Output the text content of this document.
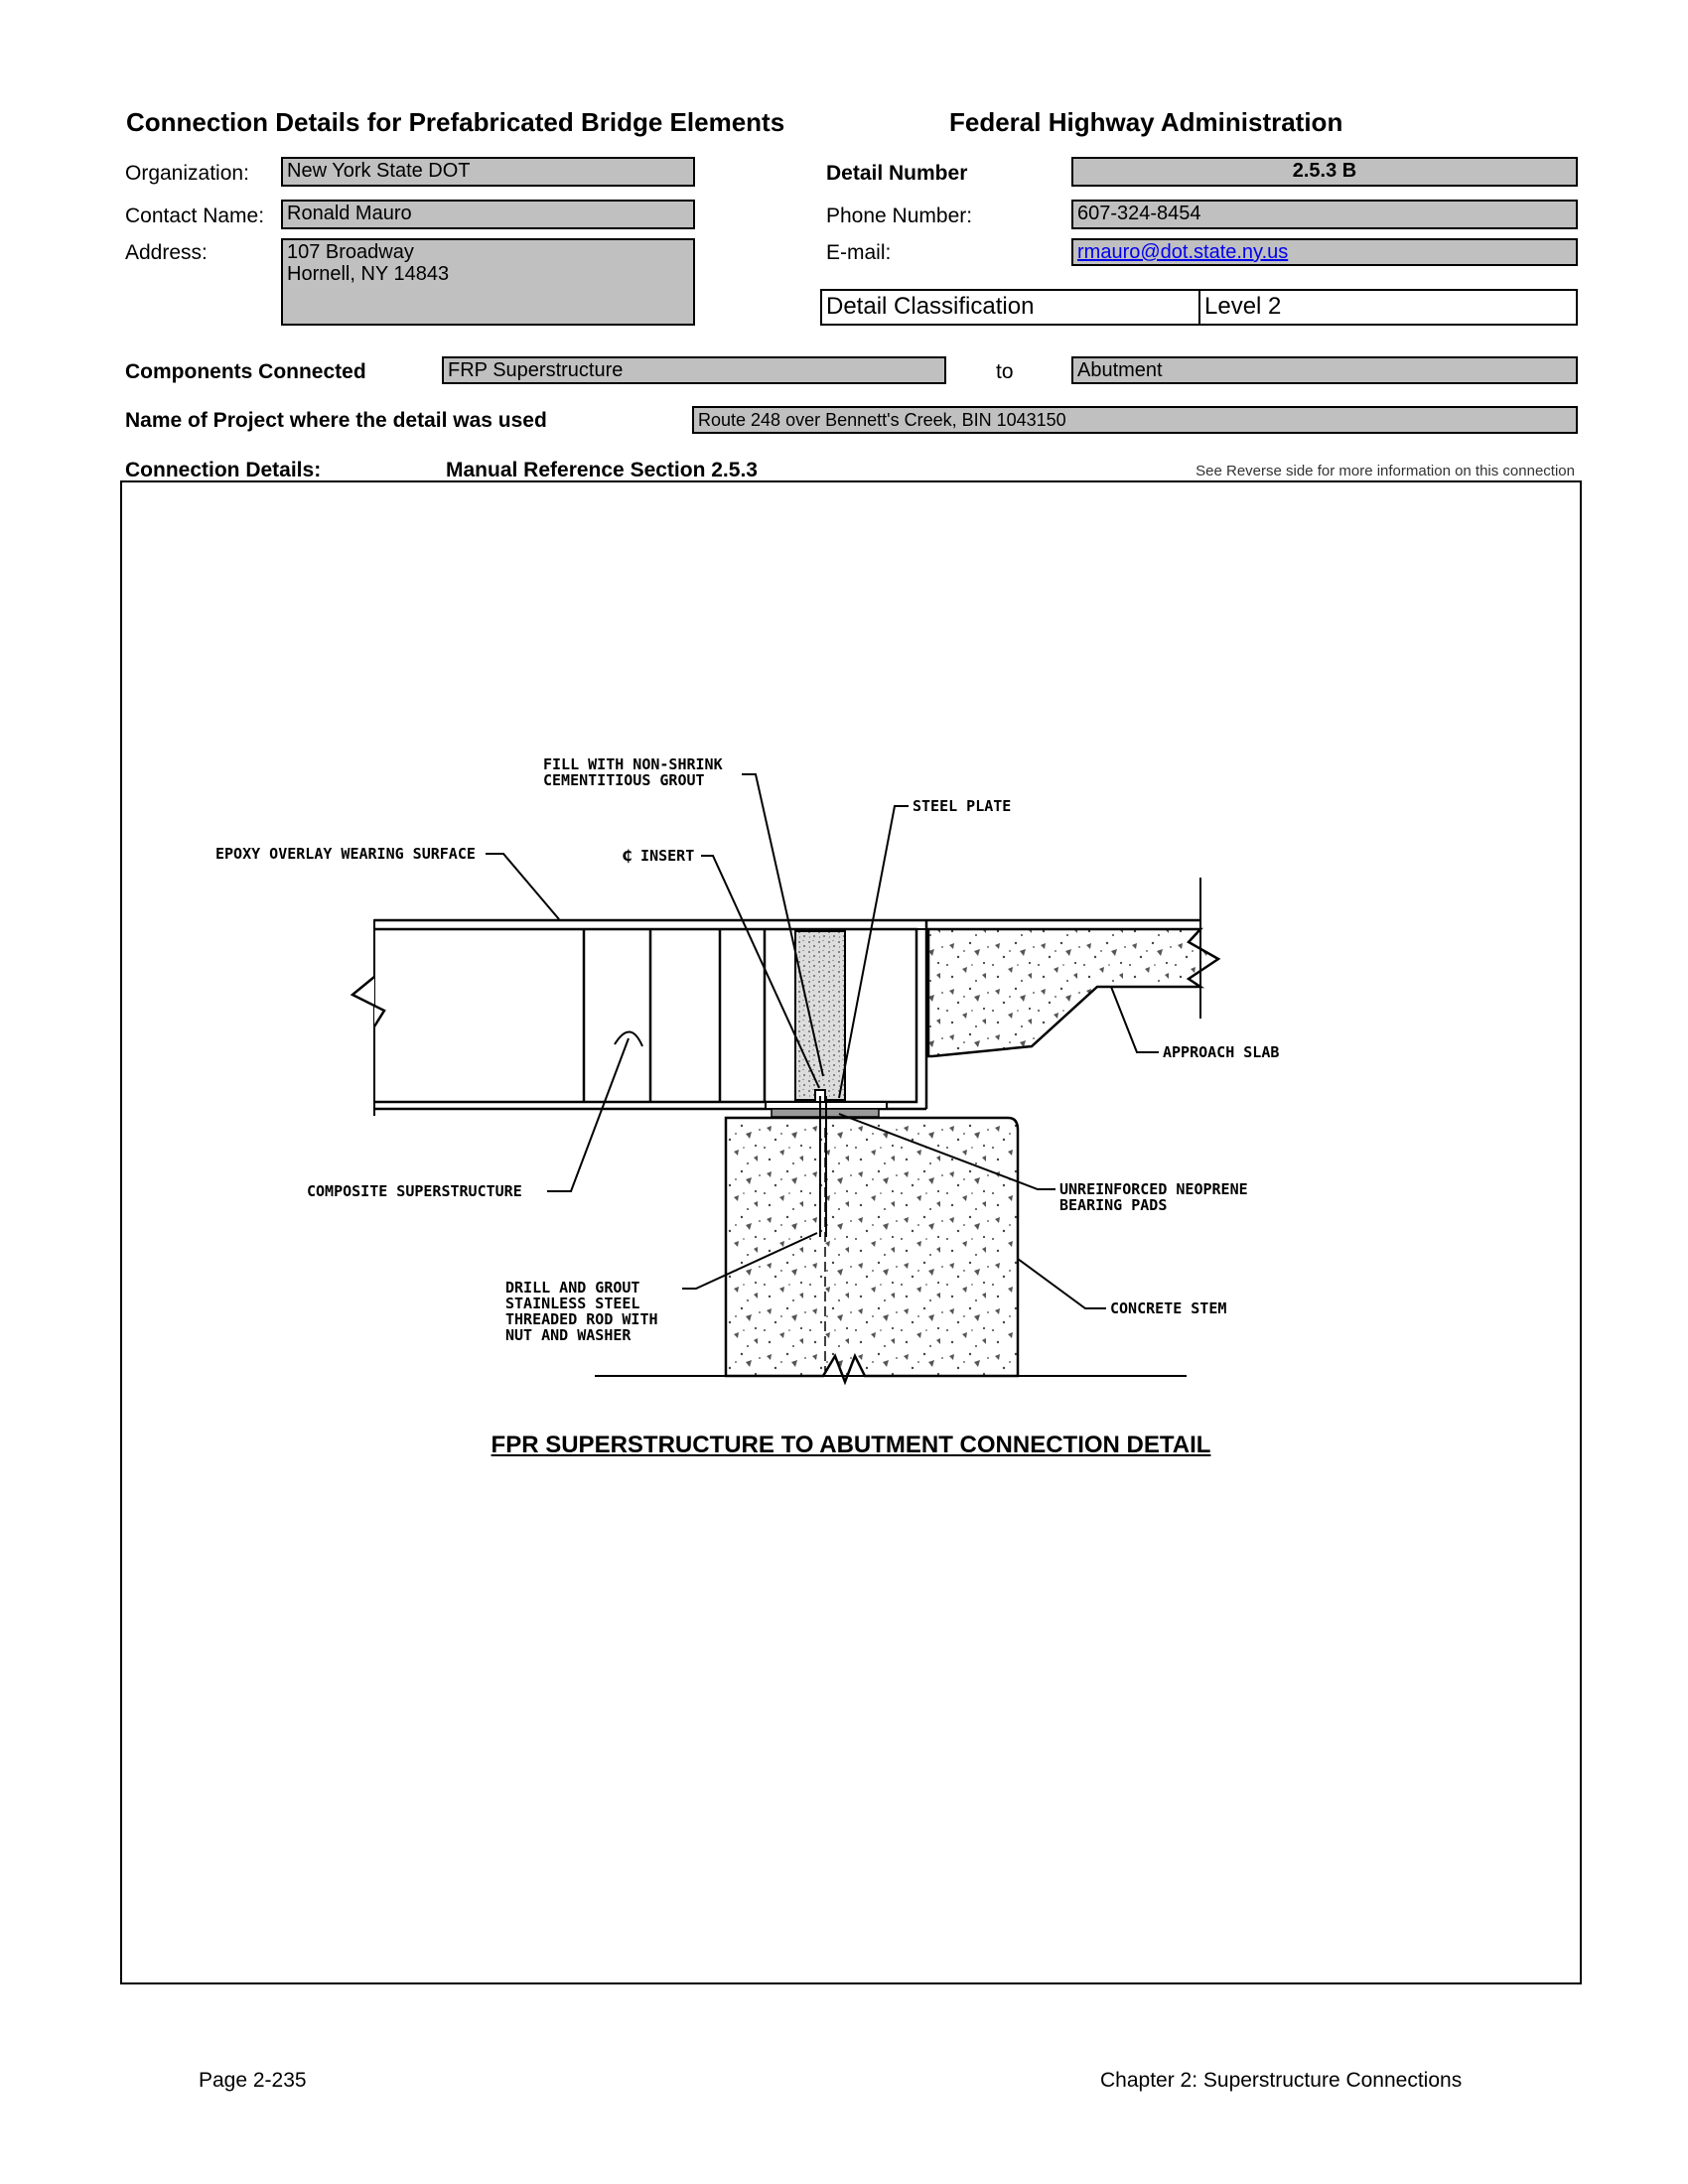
Connection Details for Prefabricated Bridge Elements	Federal Highway Administration
Organization:	New York State DOT
Contact Name:	Ronald Mauro
Address:	107 Broadway
Hornell, NY 14843
Detail Number	2.5.3 B
Phone Number:	607-324-8454
E-mail:	rmauro@dot.state.ny.us
Detail Classification	Level 2
Components Connected	FRP Superstructure	to	Abutment
Name of Project where the detail was used	Route 248 over Bennett's Creek, BIN 1043150
Connection Details:	Manual Reference Section 2.5.3	See Reverse side for more information on this connection
FILL WITH NON-SHRINK
CEMENTITIOUS GROUT
STEEL PLATE
EPOXY OVERLAY WEARING SURFACE	₵ INSERT
APPROACH SLAB
COMPOSITE SUPERSTRUCTURE	UNREINFORCED NEOPRENE
BEARING PADS
DRILL AND GROUT
STAINLESS STEEL
THREADED ROD WITH
NUT AND WASHER
CONCRETE STEM
FPR SUPERSTRUCTURE TO ABUTMENT CONNECTION DETAIL
Page 2-235	Chapter 2: Superstructure Connections
